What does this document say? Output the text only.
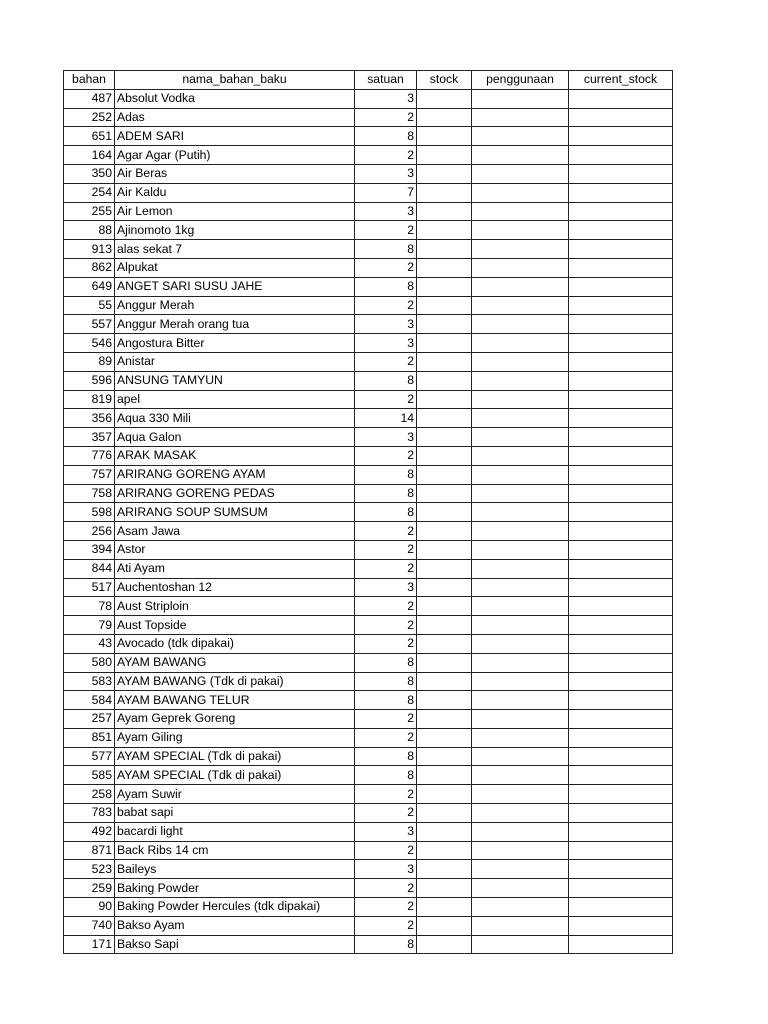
bahan	nama_bahan_baku	satuan	stock	penggunaan	current_stock
487	Absolut Vodka	3			
252	Adas	2			
651	ADEM SARI	8			
164	Agar Agar (Putih)	2			
350	Air Beras	3			
254	Air Kaldu	7			
255	Air Lemon	3			
88	Ajinomoto 1kg	2			
913	alas sekat 7	8			
862	Alpukat	2			
649	ANGET SARI SUSU JAHE	8			
55	Anggur Merah	2			
557	Anggur Merah orang tua	3			
546	Angostura Bitter	3			
89	Anistar	2			
596	ANSUNG TAMYUN	8			
819	apel	2			
356	Aqua 330 Mili	14			
357	Aqua Galon	3			
776	ARAK MASAK	2			
757	ARIRANG GORENG AYAM	8			
758	ARIRANG GORENG PEDAS	8			
598	ARIRANG SOUP SUMSUM	8			
256	Asam Jawa	2			
394	Astor	2			
844	Ati Ayam	2			
517	Auchentoshan 12	3			
78	Aust Striploin	2			
79	Aust Topside	2			
43	Avocado (tdk dipakai)	2			
580	AYAM BAWANG	8			
583	AYAM BAWANG (Tdk di pakai)	8			
584	AYAM BAWANG TELUR	8			
257	Ayam Geprek Goreng	2			
851	Ayam Giling	2			
577	AYAM SPECIAL (Tdk di pakai)	8			
585	AYAM SPECIAL (Tdk di pakai)	8			
258	Ayam Suwir	2			
783	babat sapi	2			
492	bacardi light	3			
871	Back Ribs 14 cm	2			
523	Baileys	3			
259	Baking Powder	2			
90	Baking Powder Hercules (tdk dipakai)	2			
740	Bakso Ayam	2			
171	Bakso Sapi	8			
